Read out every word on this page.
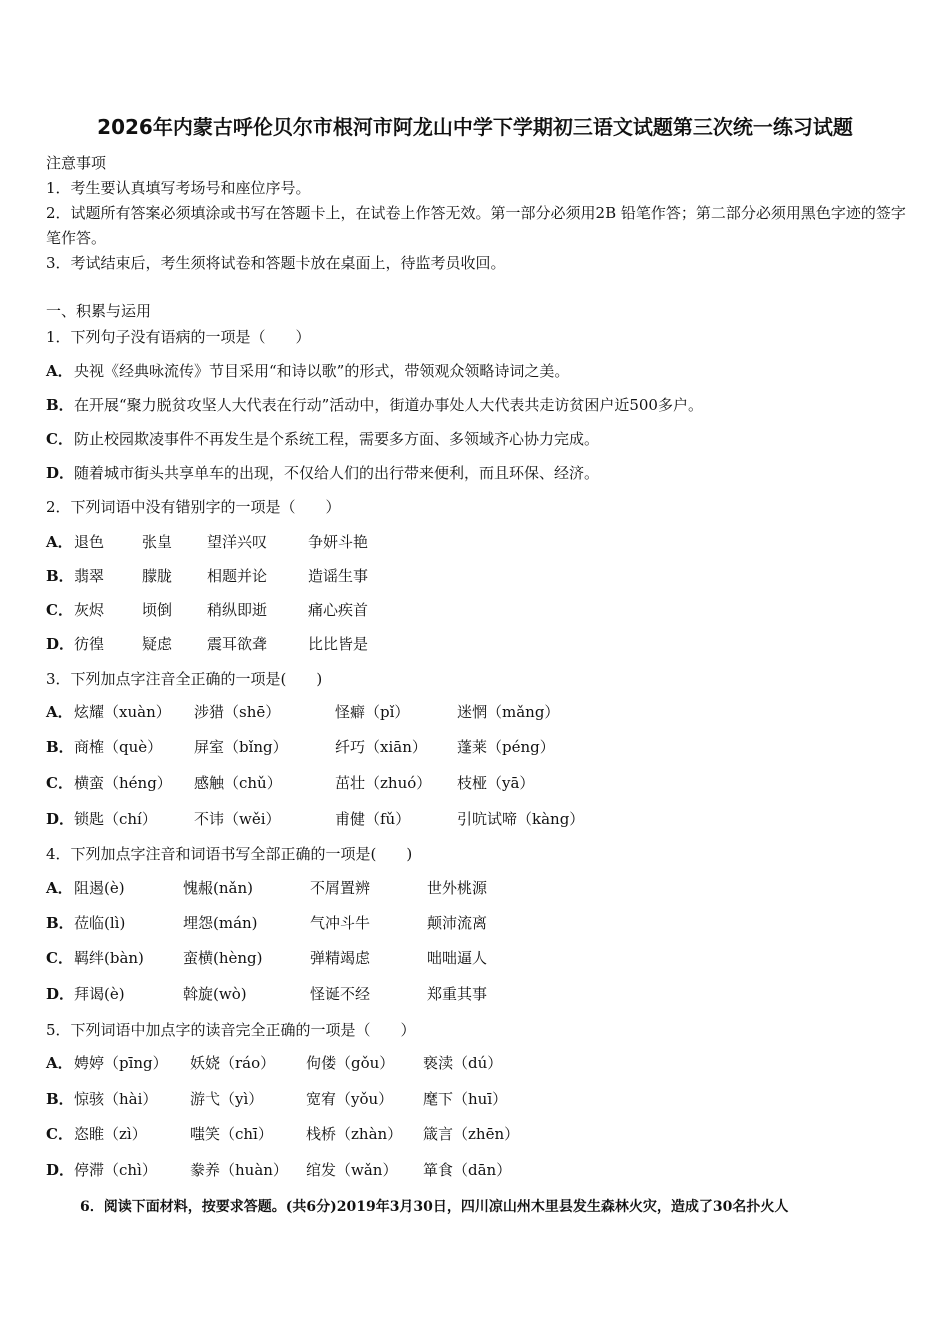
2026年内蒙古呼伦贝尔市根河市阿龙山中学下学期初三语文试题第三次统一练习试题

注意事项

1．考生要认真填写考场号和座位序号。

2．试题所有答案必须填涂或书写在答题卡上，在试卷上作答无效。第一部分必须用2B 铅笔作答；第二部分必须用黑色字迹的签字笔作答。

3．考试结束后，考生须将试卷和答题卡放在桌面上，待监考员收回。

一、积累与运用
1．下列句子没有语病的一项是（　　）
A．央视《经典咏流传》节目采用“和诗以歌”的形式，带领观众领略诗词之美。
B．在开展“聚力脱贫攻坚人大代表在行动”活动中，街道办事处人大代表共走访贫困户近500多户。
C．防止校园欺凌事件不再发生是个系统工程，需要多方面、多领域齐心协力完成。
D．随着城市街头共享单车的出现，不仅给人们的出行带来便利，而且环保、经济。
2．下列词语中没有错别字的一项是（　　）
A．退色	张皇 望洋兴叹	争妍斗艳
B．翡翠	朦胧 相题并论	造谣生事
C．灰烬	顷倒 稍纵即逝	痛心疾首
D．彷徨	疑虑 震耳欲聋	比比皆是
3．下列加点字注音全正确的一项是(　　)
A．炫耀（xuàn） 涉猎（shē）	怪癖（pǐ）	迷惘（mǎng）
B．商榷（què） 屏室（bǐng）	纤巧（xiān） 蓬莱（péng）
C．横蛮（héng） 感触（chǔ）	茁壮（zhuó） 枝桠（yā）
D．锁匙（chí） 不讳（wěi）	甫健（fǔ）	引吭试啼（kàng）
4．下列加点字注音和词语书写全部正确的一项是(　　)
A．阻遏(è)	愧赧(nǎn)	不屑置辨	世外桃源
B．莅临(lì)	埋怨(mán)	气冲斗牛	颠沛流离
C．羁绊(bàn)	蛮横(hèng)	弹精竭虑	咄咄逼人
D．拜谒(è)	斡旋(wò)	怪诞不经	郑重其事
5．下列词语中加点字的读音完全正确的一项是（　　）
A．娉婷（pīng） 妖娆（ráo） 佝偻（gǒu） 亵渎（dú）
B．惊骇（hài） 游弋（yì）	宽宥（yǒu） 麾下（huī）
C．恣睢（zì）	嗤笑（chī） 栈桥（zhàn） 箴言（zhēn）
D．停滞（chì） 豢养（huàn） 绾发（wǎn） 箪食（dān）
6．阅读下面材料，按要求答题。(共6分)2019年3月30日，四川凉山州木里县发生森林火灾，造成了30名扑火人
